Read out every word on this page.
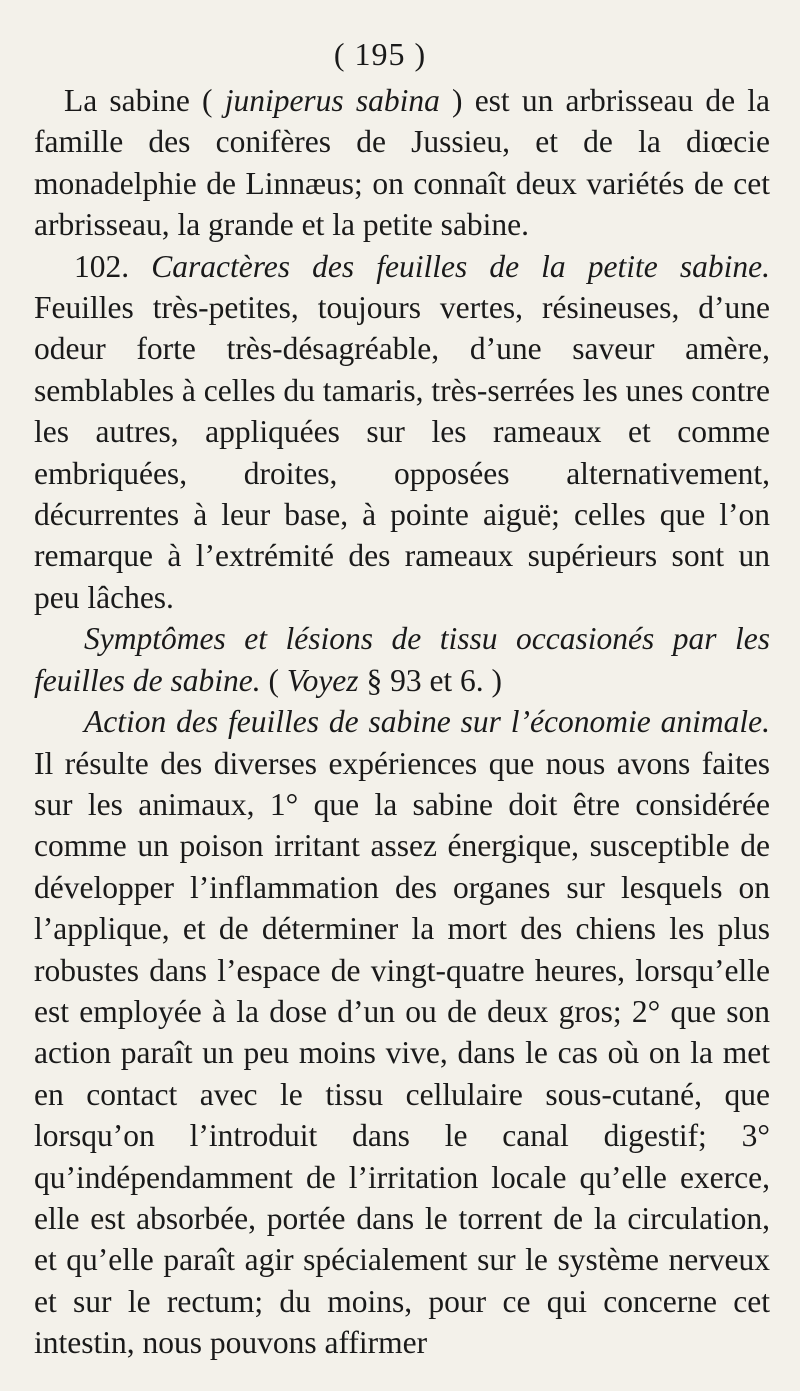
( 195 )

La sabine ( juniperus sabina ) est un arbrisseau de la famille des conifères de Jussieu, et de la diœcie monadelphie de Linnæus; on connaît deux variétés de cet arbrisseau, la grande et la petite sabine.

102. Caractères des feuilles de la petite sabine. Feuilles très-petites, toujours vertes, résineuses, d’une odeur forte très-désagréable, d’une saveur amère, semblables à celles du tamaris, très-serrées les unes contre les autres, appliquées sur les rameaux et comme embriquées, droites, opposées alternativement, décurrentes à leur base, à pointe aiguë; celles que l’on remarque à l’extrémité des rameaux supérieurs sont un peu lâches.

Symptômes et lésions de tissu occasionés par les feuilles de sabine. ( Voyez § 93 et 6. )

Action des feuilles de sabine sur l’économie animale. Il résulte des diverses expériences que nous avons faites sur les animaux, 1° que la sabine doit être considérée comme un poison irritant assez énergique, susceptible de développer l’inflammation des organes sur lesquels on l’applique, et de déterminer la mort des chiens les plus robustes dans l’espace de vingt-quatre heures, lorsqu’elle est employée à la dose d’un ou de deux gros; 2° que son action paraît un peu moins vive, dans le cas où on la met en contact avec le tissu cellulaire sous-cutané, que lorsqu’on l’introduit dans le canal digestif; 3° qu’indépendamment de l’irritation locale qu’elle exerce, elle est absorbée, portée dans le torrent de la circulation, et qu’elle paraît agir spécialement sur le système nerveux et sur le rectum; du moins, pour ce qui concerne cet intestin, nous pouvons affirmer
